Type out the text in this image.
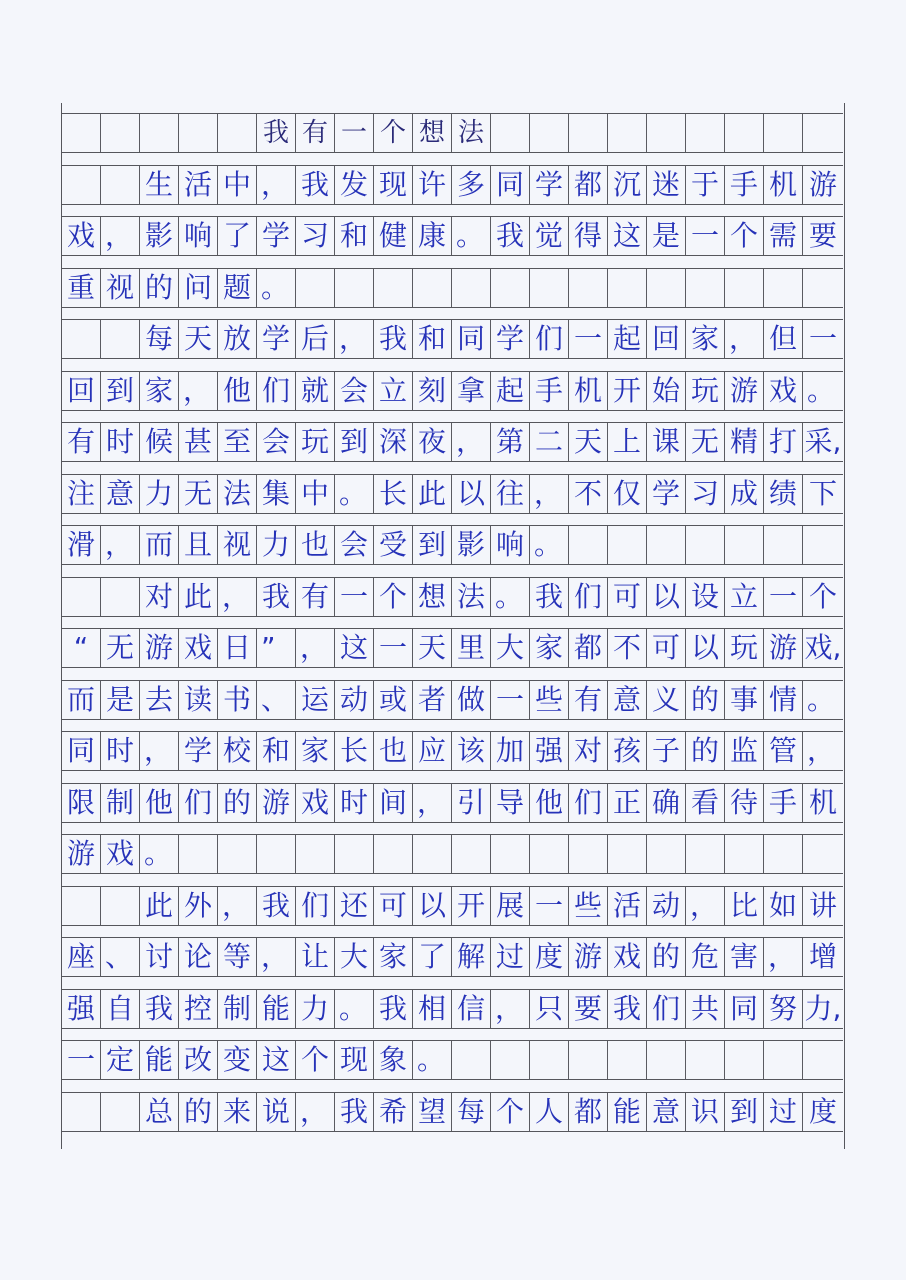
我 有 一 个 想 法
生 活 中 ， 我 发 现 许 多 同 学 都 沉 迷 于 手 机 游
戏 ， 影 响 了 学 习 和 健 康 。 我 觉 得 这 是 一 个 需 要
重 视 的 问 题 。
每 天 放 学 后 ， 我 和 同 学 们 一 起 回 家 ， 但 一
回 到 家 ， 他 们 就 会 立 刻 拿 起 手 机 开 始 玩 游 戏 。
有 时 候 甚 至 会 玩 到 深 夜 ， 第 二 天 上 课 无 精 打 采,
注 意 力 无 法 集 中 。 长 此 以 往 ， 不 仅 学 习 成 绩 下
滑 ， 而 且 视 力 也 会 受 到 影 响 。
对 此 ， 我 有 一 个 想 法 。 我 们 可 以 设 立 一 个
“ 无 游 戏 日 ” ， 这 一 天 里 大 家 都 不 可 以 玩 游 戏,
而 是 去 读 书 、 运 动 或 者 做 一 些 有 意 义 的 事 情 。
同 时 ， 学 校 和 家 长 也 应 该 加 强 对 孩 子 的 监 管 ，
限 制 他 们 的 游 戏 时 间 ， 引 导 他 们 正 确 看 待 手 机
游 戏 。
此 外 ， 我 们 还 可 以 开 展 一 些 活 动 ， 比 如 讲
座 、 讨 论 等 ， 让 大 家 了 解 过 度 游 戏 的 危 害 ， 增
强 自 我 控 制 能 力 。 我 相 信 ， 只 要 我 们 共 同 努 力,
一 定 能 改 变 这 个 现 象 。
总 的 来 说 ， 我 希 望 每 个 人 都 能 意 识 到 过 度
